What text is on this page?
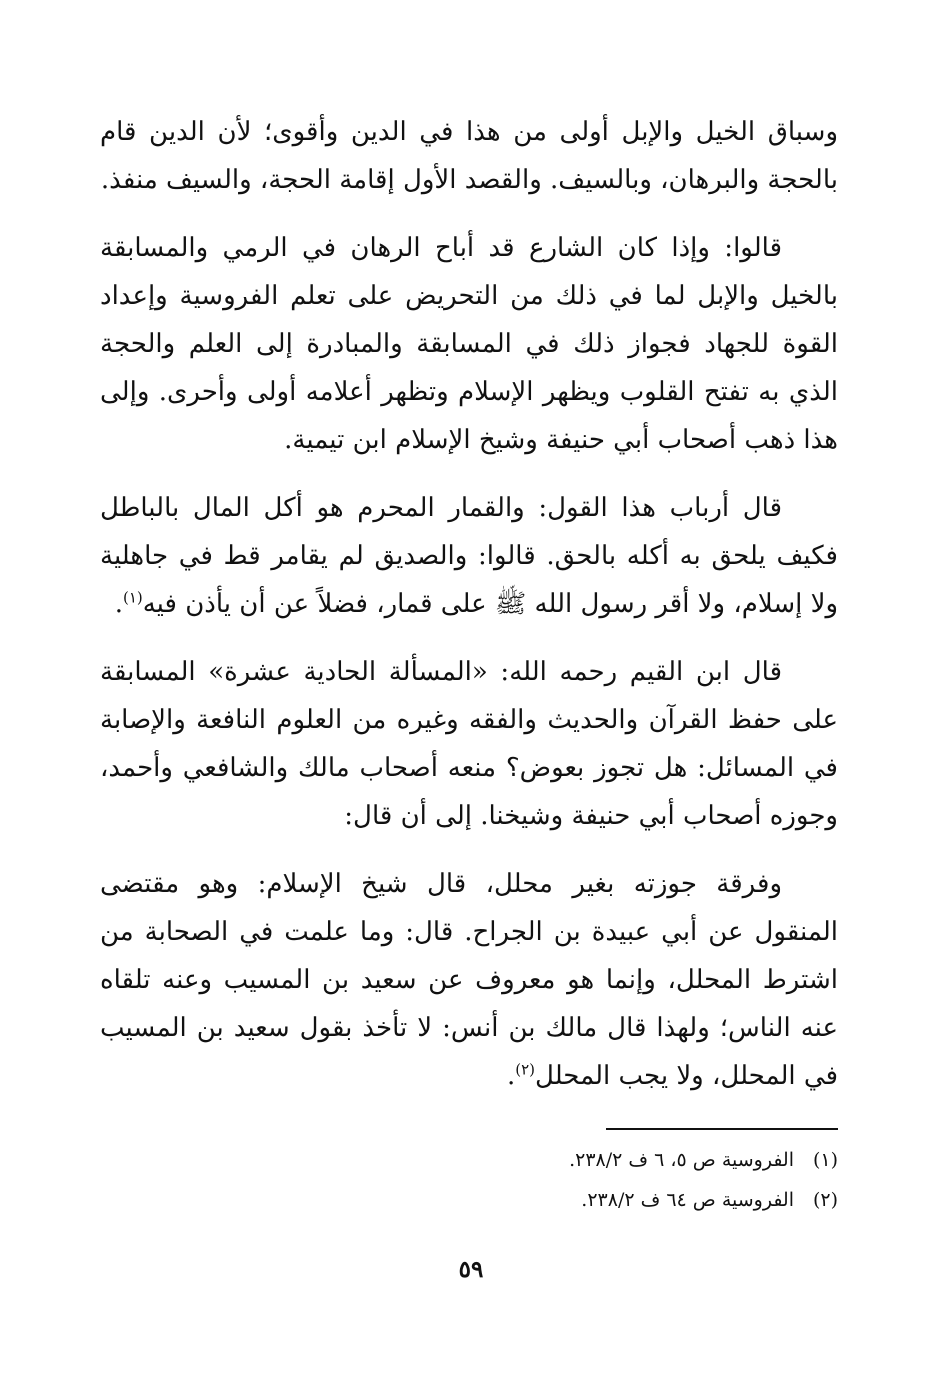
وسباق الخيل والإبل أولى من هذا في الدين وأقوى؛ لأن الدين قام بالحجة والبرهان، وبالسيف. والقصد الأول إقامة الحجة، والسيف منفذ.

قالوا: وإذا كان الشارع قد أباح الرهان في الرمي والمسابقة بالخيل والإبل لما في ذلك من التحريض على تعلم الفروسية وإعداد القوة للجهاد فجواز ذلك في المسابقة والمبادرة إلى العلم والحجة الذي به تفتح القلوب ويظهر الإسلام وتظهر أعلامه أولى وأحرى. وإلى هذا ذهب أصحاب أبي حنيفة وشيخ الإسلام ابن تيمية.

قال أرباب هذا القول: والقمار المحرم هو أكل المال بالباطل فكيف يلحق به أكله بالحق. قالوا: والصديق لم يقامر قط في جاهلية ولا إسلام، ولا أقر رسول الله ﷺ على قمار، فضلاً عن أن يأذن فيه$^{(١)}$.

قال ابن القيم رحمه الله: «المسألة الحادية عشرة» المسابقة على حفظ القرآن والحديث والفقه وغيره من العلوم النافعة والإصابة في المسائل: هل تجوز بعوض؟ منعه أصحاب مالك والشافعي وأحمد، وجوزه أصحاب أبي حنيفة وشيخنا. إلى أن قال:

وفرقة جوزته بغير محلل، قال شيخ الإسلام: وهو مقتضى المنقول عن أبي عبيدة بن الجراح. قال: وما علمت في الصحابة من اشترط المحلل، وإنما هو معروف عن سعيد بن المسيب وعنه تلقاه عنه الناس؛ ولهذا قال مالك بن أنس: لا تأخذ بقول سعيد بن المسيب في المحلل، ولا يجب المحلل$^{(٢)}$.

(١)الفروسية ص ٥، ٦ ف ٢٣٨/٢.
(٢)الفروسية ص ٦٤ ف ٢٣٨/٢.
٥٩
